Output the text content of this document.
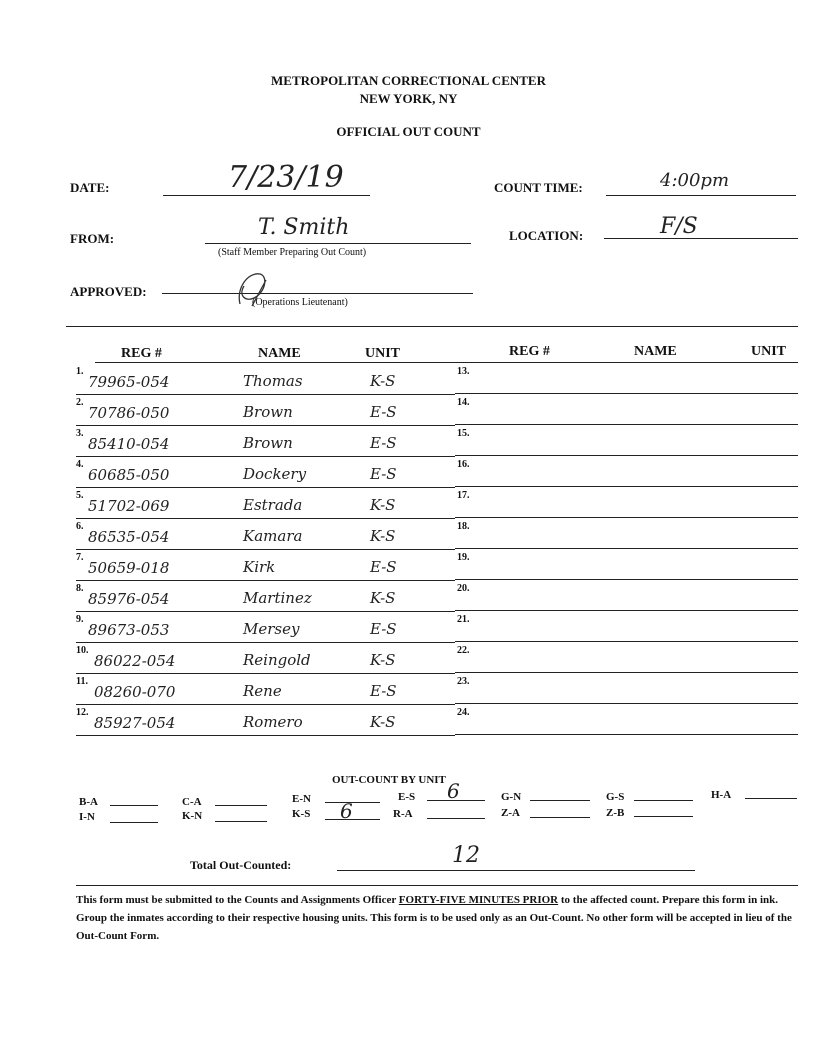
METROPOLITAN CORRECTIONAL CENTER
NEW YORK, NY
OFFICIAL OUT COUNT
DATE:	7/23/19	COUNT TIME:	4:00pm
FROM:	T. Smith
(Staff Member Preparing Out Count)
LOCATION:	F/S
APPROVED:
(Operations Lieutenant)
REG #	NAME	UNIT	REG #	NAME	UNIT
1.
79965-054	Thomas	K-S
2.
70786-050	Brown	E-S
3.
85410-054	Brown	E-S
4.
60685-050	Dockery	E-S
5.
51702-069	Estrada	K-S
6.
86535-054	Kamara	K-S
7.
50659-018	Kirk	E-S
8.
85976-054	Martinez	K-S
9.
89673-053	Mersey	E-S
10.
86022-054	Reingold	K-S
11.
08260-070	Rene	E-S
12.
85927-054	Romero	K-S
13.
14.
15.
16.
17.
18.
19.
20.
21.
22.
23.
24.
OUT-COUNT BY UNIT
B-A	C-A	E-N	E-S 6	G-N	G-S	H-A
I-N	K-N	K-S 6	R-A	Z-A	Z-B
Total Out-Counted:	12
This form must be submitted to the Counts and Assignments Officer FORTY-FIVE MINUTES PRIOR to the affected count. Prepare this form in ink. Group the inmates according to their respective housing units. This form is to be used only as an Out-Count. No other form will be accepted in lieu of the Out-Count Form.
